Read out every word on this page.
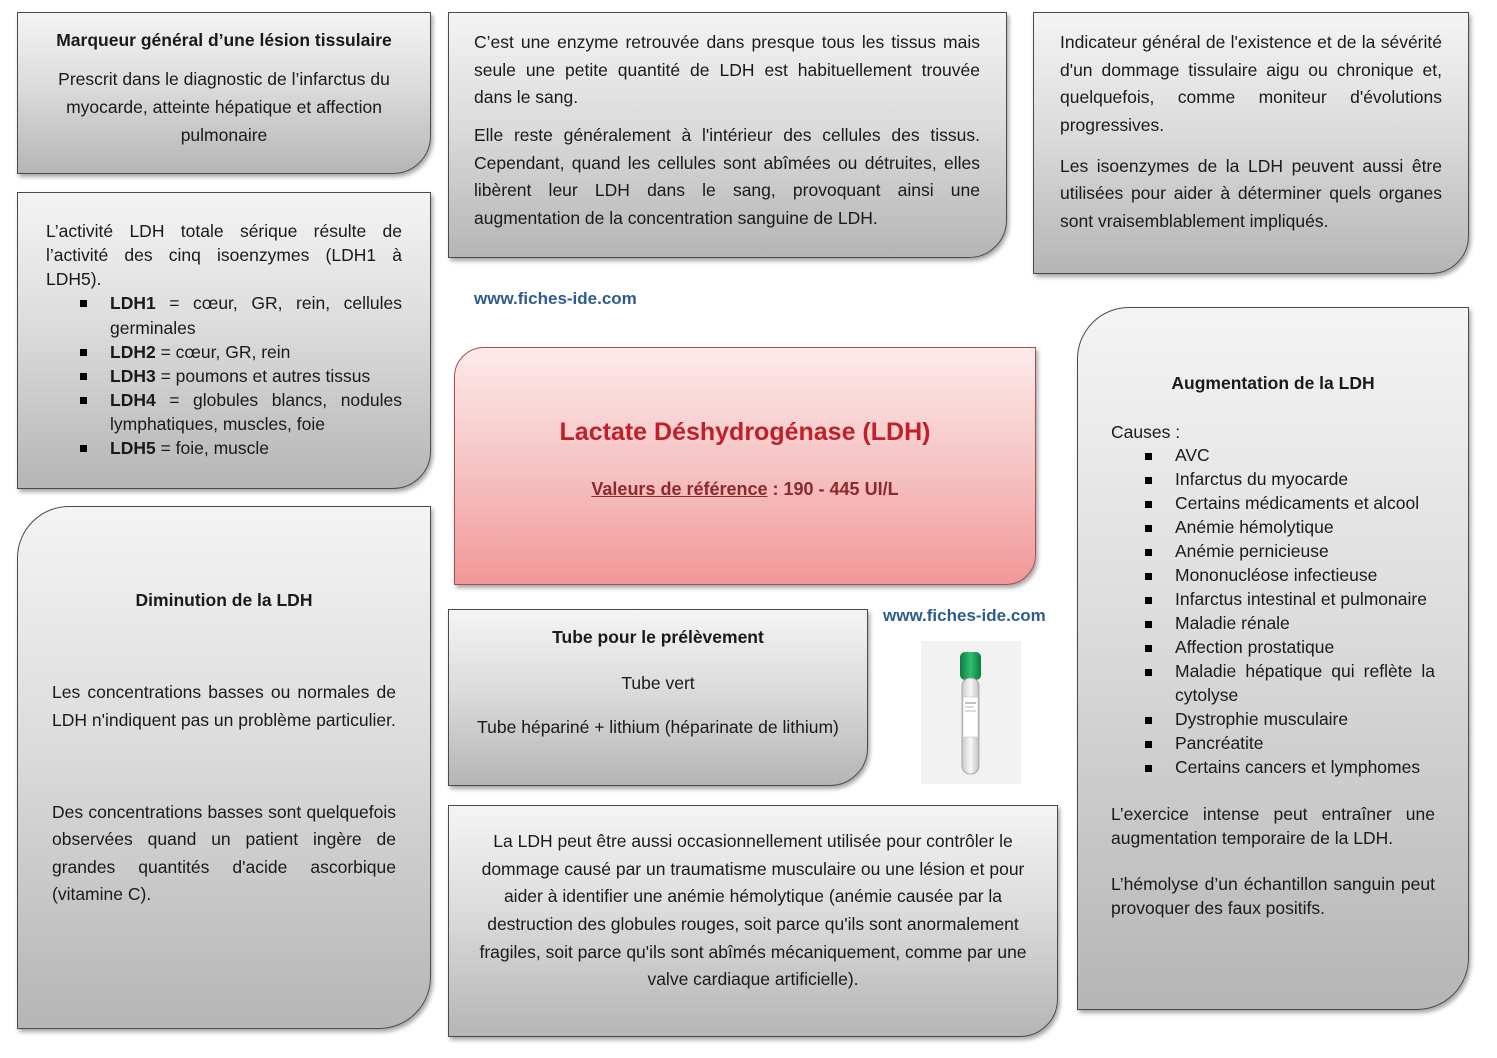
Marqueur général d’une lésion tissulaire

Prescrit dans le diagnostic de l’infarctus du myocarde, atteinte hépatique et affection pulmonaire

C’est une enzyme retrouvée dans presque tous les tissus mais seule une petite quantité de LDH est habituellement trouvée dans le sang.

Elle reste généralement à l'intérieur des cellules des tissus. Cependant, quand les cellules sont abîmées ou détruites, elles libèrent leur LDH dans le sang, provoquant ainsi une augmentation de la concentration sanguine de LDH.

Indicateur général de l'existence et de la sévérité d'un dommage tissulaire aigu ou chronique et, quelquefois, comme moniteur d'évolutions progressives.

Les isoenzymes de la LDH peuvent aussi être utilisées pour aider à déterminer quels organes sont vraisemblablement impliqués.

L’activité LDH totale sérique résulte de l’activité des cinq isoenzymes (LDH1 à LDH5).

LDH1 = cœur, GR, rein, cellules germinales
LDH2 = cœur, GR, rein
LDH3 = poumons et autres tissus
LDH4 = globules blancs, nodules lymphatiques, muscles, foie
LDH5 = foie, muscle
www.fiches-ide.com

Lactate Déshydrogénase (LDH)

Valeurs de référence : 190 - 445 UI/L

Diminution de la LDH

Les concentrations basses ou normales de LDH n'indiquent pas un problème particulier.

Des concentrations basses sont quelquefois observées quand un patient ingère de grandes quantités d'acide ascorbique (vitamine C).

Tube pour le prélèvement

Tube vert

Tube hépariné + lithium (héparinate de lithium)

www.fiches-ide.com

La LDH peut être aussi occasionnellement utilisée pour contrôler le dommage causé par un traumatisme musculaire ou une lésion et pour aider à identifier une anémie hémolytique (anémie causée par la destruction des globules rouges, soit parce qu'ils sont anormalement fragiles, soit parce qu'ils sont abîmés mécaniquement, comme par une valve cardiaque artificielle).

Augmentation de la LDH

Causes :

AVC
Infarctus du myocarde
Certains médicaments et alcool
Anémie hémolytique
Anémie pernicieuse
Mononucléose infectieuse
Infarctus intestinal et pulmonaire
Maladie rénale
Affection prostatique
Maladie hépatique qui reflète la cytolyse
Dystrophie musculaire
Pancréatite
Certains cancers et lymphomes

L’exercice intense peut entraîner une augmentation temporaire de la LDH.

L’hémolyse d’un échantillon sanguin peut provoquer des faux positifs.
